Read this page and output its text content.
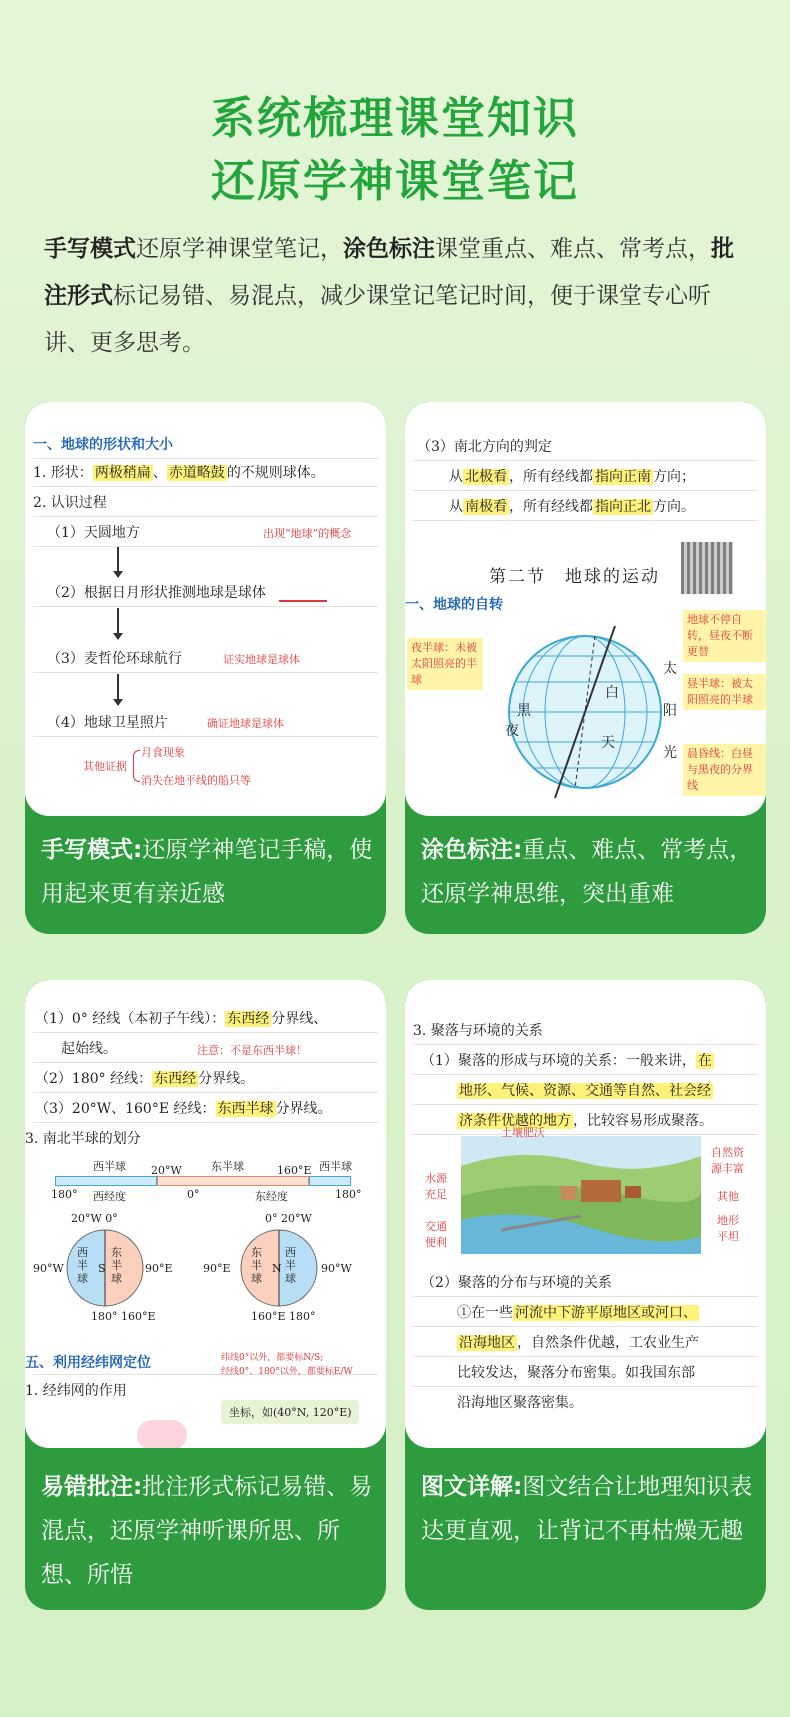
系统梳理课堂知识
还原学神课堂笔记
手写模式还原学神课堂笔记，涂色标注课堂重点、难点、常考点，批注形式标记易错、易混点，减少课堂记笔记时间，便于课堂专心听讲、更多思考。
一、地球的形状和大小
1. 形状： 两极稍扁 、 赤道略鼓 的不规则球体。
2. 认识过程
（1）天圆地方	出现“地球”的概念
（2）根据日月形状推测地球是球体
（3）麦哲伦环球航行	证实地球是球体
（4）地球卫星照片	确证地球是球体
其他证据
月食现象
消失在地平线的船只等
手写模式:还原学神笔记手稿，使用起来更有亲近感
（3）南北方向的判定
从 北极看 ，所有经线都 指向正南 方向；
从 南极看 ，所有经线都 指向正北 方向。
第二节　地球的运动
一、地球的自转
黑
夜
白
天
太
阳
光
夜半球：未被太阳照亮的半球
地球不停自转，昼夜不断更替
昼半球：被太阳照亮的半球
晨昏线：白昼与黑夜的分界线
涂色标注:重点、难点、常考点，还原学神思维，突出重难
（1）0° 经线（本初子午线）： 东西经 分界线、
起始线。	注意：不是东西半球！
（2）180° 经线： 东西经 分界线。
（3）20°W、160°E 经线： 东西半球 分界线。
3. 南北半球的划分
西半球	20°W	东半球	160°E 西半球
180°	西经度	0°	东经度	180°
20°W 0°
90°W	90°E
180° 160°E
西半球
东半球
S
0° 20°W
90°E	90°W
160°E 180°
东半球
西半球
N
五、利用经纬网定位
1. 经纬网的作用
纬线0°以外，都要标N/S;
经线0°、180°以外，都要标E/W
坐标，如(40°N, 120°E)
易错批注:批注形式标记易错、易混点，还原学神听课所思、所想、所悟
3. 聚落与环境的关系
（1）聚落的形成与环境的关系：一般来讲， 在
地形、气候、资源、交通等自然、社会经
济条件优越的地方 ，比较容易形成聚落。
土壤肥沃
水源充足
交通便利
自然资源丰富
其他
地形平坦
（2）聚落的分布与环境的关系
①在一些 河流中下游平原地区或河口、
沿海地区 ，自然条件优越，工农业生产
比较发达，聚落分布密集。如我国东部
沿海地区聚落密集。
图文详解:图文结合让地理知识表达更直观，让背记不再枯燥无趣
